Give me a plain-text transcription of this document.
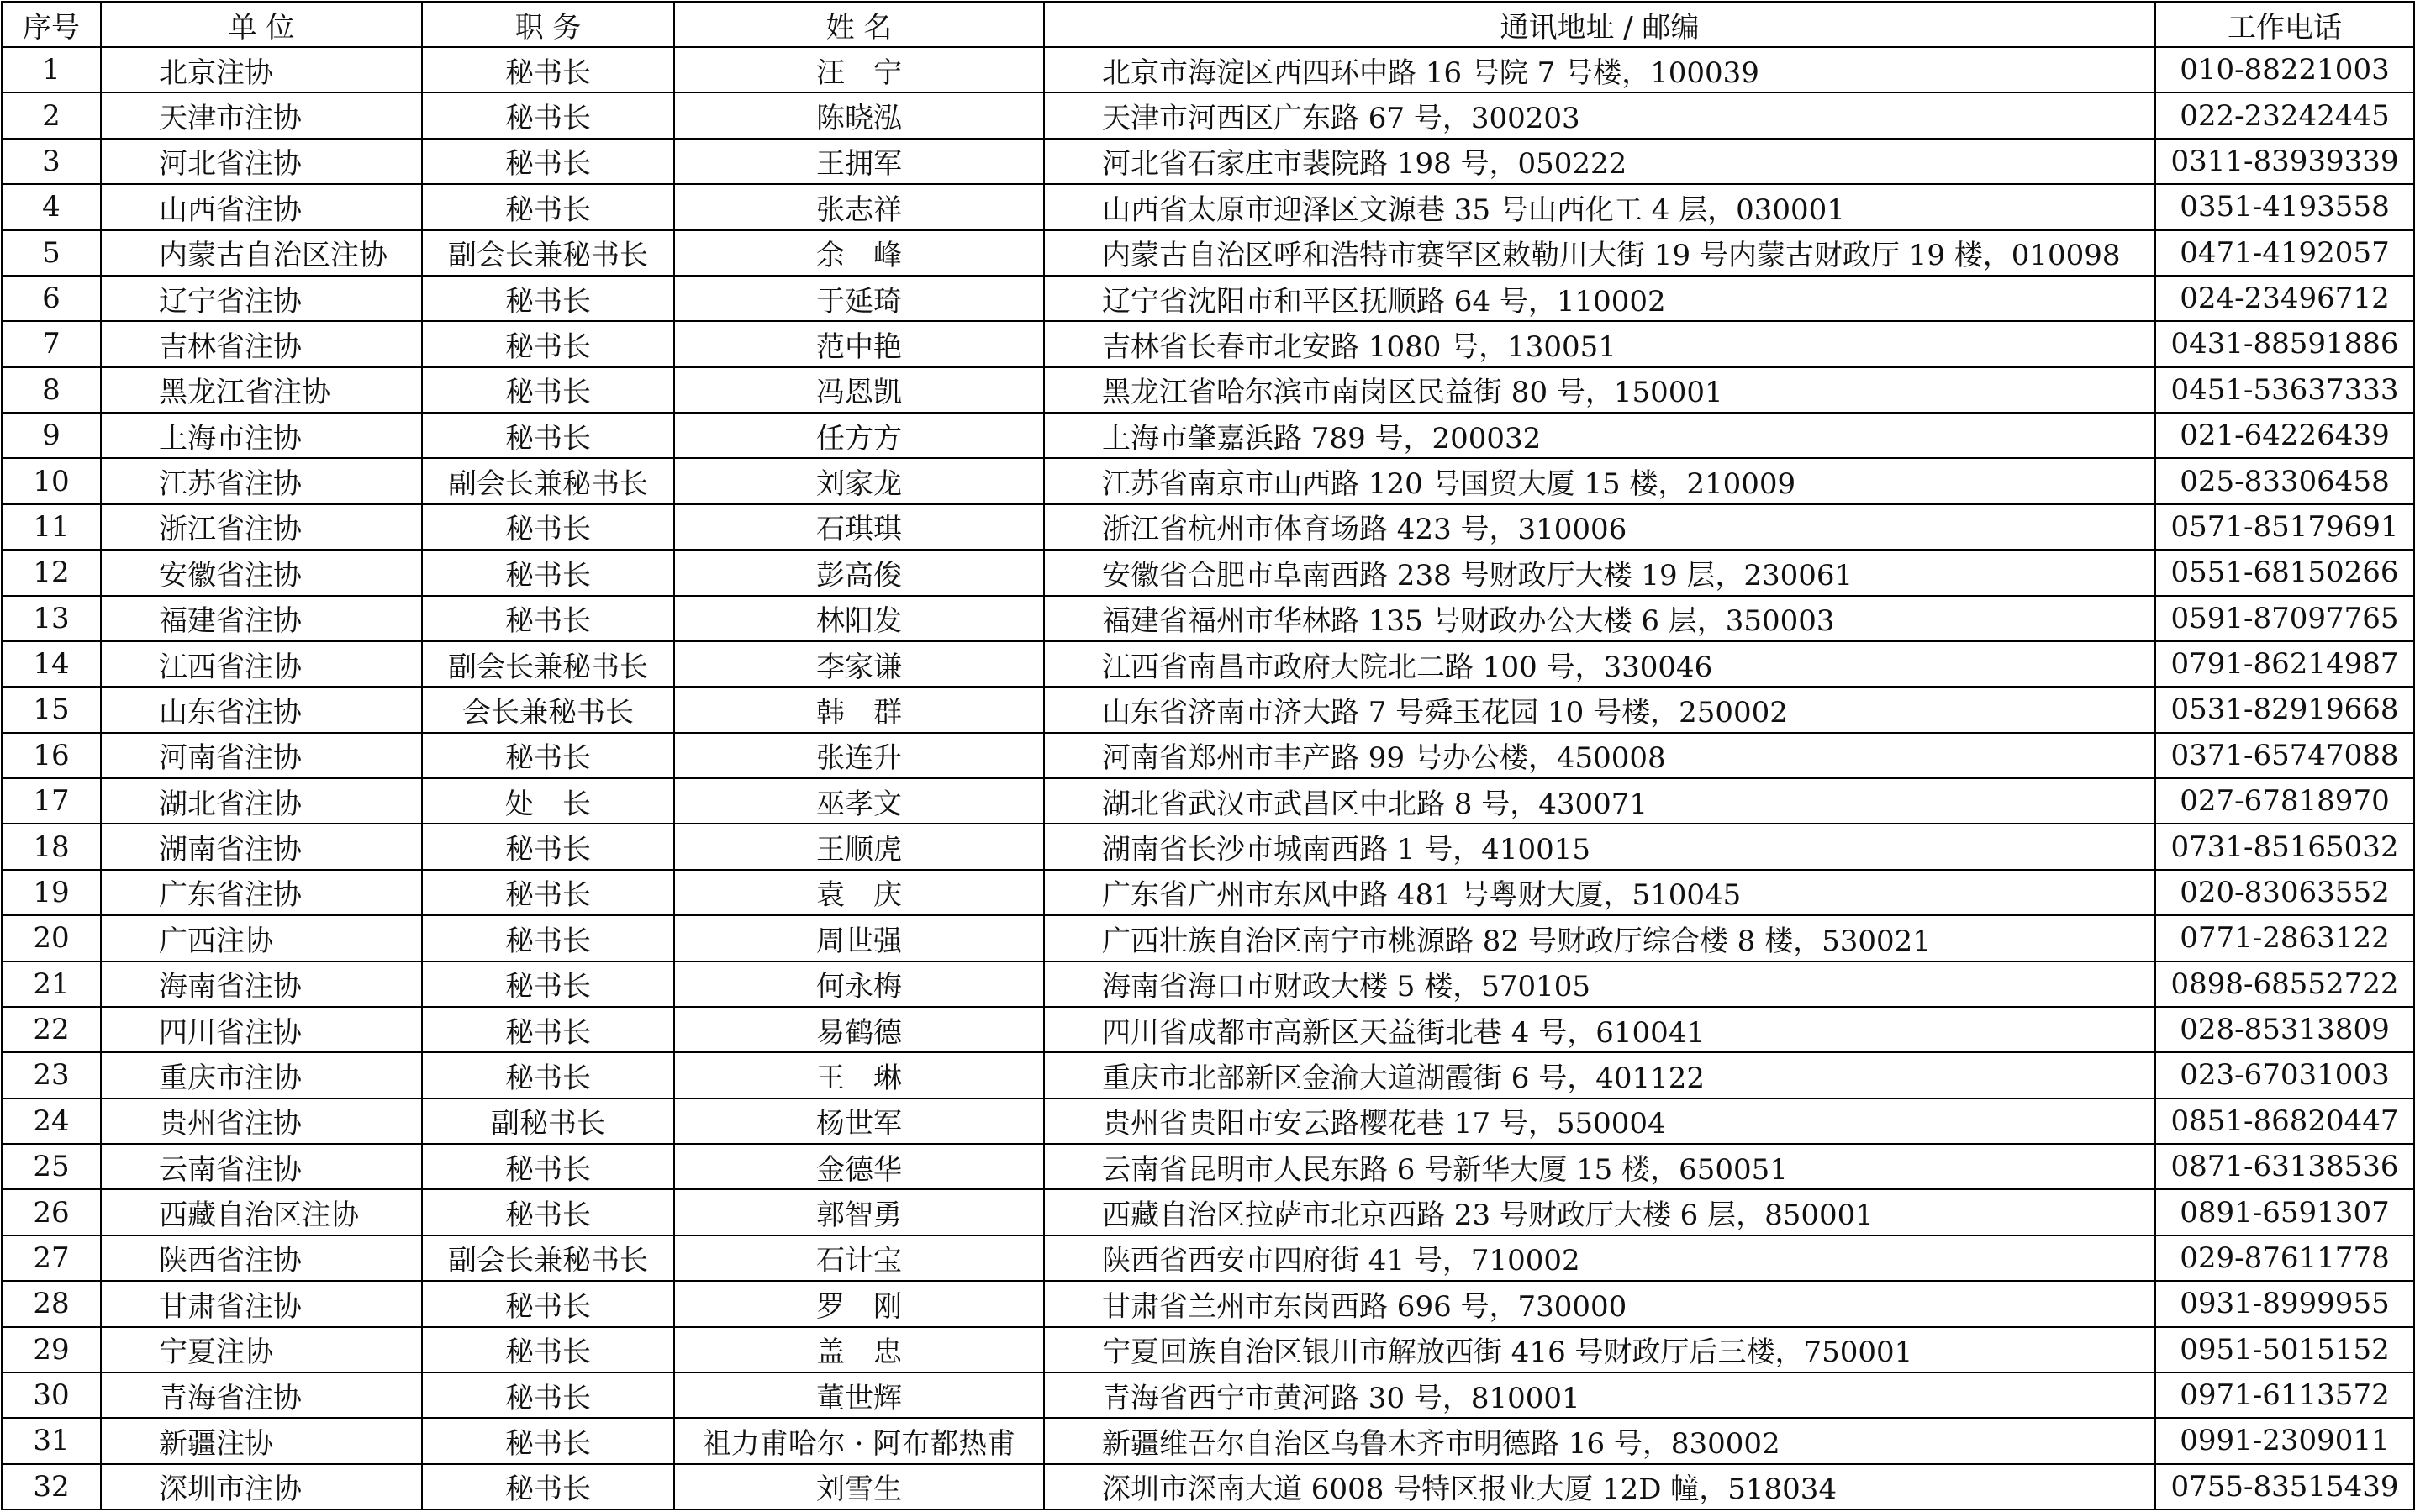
序号	单 位	职 务	姓 名	通讯地址 / 邮编	工作电话
1	北京注协	秘书长	汪　宁	北京市海淀区西四环中路 16 号院 7 号楼，100039	010-88221003
2	天津市注协	秘书长	陈晓泓	天津市河西区广东路 67 号，300203	022-23242445
3	河北省注协	秘书长	王拥军	河北省石家庄市裴院路 198 号，050222	0311-83939339
4	山西省注协	秘书长	张志祥	山西省太原市迎泽区文源巷 35 号山西化工 4 层，030001	0351-4193558
5	内蒙古自治区注协	副会长兼秘书长	余　峰	内蒙古自治区呼和浩特市赛罕区敕勒川大街 19 号内蒙古财政厅 19 楼，010098	0471-4192057
6	辽宁省注协	秘书长	于延琦	辽宁省沈阳市和平区抚顺路 64 号，110002	024-23496712
7	吉林省注协	秘书长	范中艳	吉林省长春市北安路 1080 号，130051	0431-88591886
8	黑龙江省注协	秘书长	冯恩凯	黑龙江省哈尔滨市南岗区民益街 80 号，150001	0451-53637333
9	上海市注协	秘书长	任方方	上海市肇嘉浜路 789 号，200032	021-64226439
10	江苏省注协	副会长兼秘书长	刘家龙	江苏省南京市山西路 120 号国贸大厦 15 楼，210009	025-83306458
11	浙江省注协	秘书长	石琪琪	浙江省杭州市体育场路 423 号，310006	0571-85179691
12	安徽省注协	秘书长	彭高俊	安徽省合肥市阜南西路 238 号财政厅大楼 19 层，230061	0551-68150266
13	福建省注协	秘书长	林阳发	福建省福州市华林路 135 号财政办公大楼 6 层，350003	0591-87097765
14	江西省注协	副会长兼秘书长	李家谦	江西省南昌市政府大院北二路 100 号，330046	0791-86214987
15	山东省注协	会长兼秘书长	韩　群	山东省济南市济大路 7 号舜玉花园 10 号楼，250002	0531-82919668
16	河南省注协	秘书长	张连升	河南省郑州市丰产路 99 号办公楼，450008	0371-65747088
17	湖北省注协	处　长	巫孝文	湖北省武汉市武昌区中北路 8 号，430071	027-67818970
18	湖南省注协	秘书长	王顺虎	湖南省长沙市城南西路 1 号，410015	0731-85165032
19	广东省注协	秘书长	袁　庆	广东省广州市东风中路 481 号粤财大厦，510045	020-83063552
20	广西注协	秘书长	周世强	广西壮族自治区南宁市桃源路 82 号财政厅综合楼 8 楼，530021	0771-2863122
21	海南省注协	秘书长	何永梅	海南省海口市财政大楼 5 楼，570105	0898-68552722
22	四川省注协	秘书长	易鹤德	四川省成都市高新区天益街北巷 4 号，610041	028-85313809
23	重庆市注协	秘书长	王　琳	重庆市北部新区金渝大道湖霞街 6 号，401122	023-67031003
24	贵州省注协	副秘书长	杨世军	贵州省贵阳市安云路樱花巷 17 号，550004	0851-86820447
25	云南省注协	秘书长	金德华	云南省昆明市人民东路 6 号新华大厦 15 楼，650051	0871-63138536
26	西藏自治区注协	秘书长	郭智勇	西藏自治区拉萨市北京西路 23 号财政厅大楼 6 层，850001	0891-6591307
27	陕西省注协	副会长兼秘书长	石计宝	陕西省西安市四府街 41 号，710002	029-87611778
28	甘肃省注协	秘书长	罗　刚	甘肃省兰州市东岗西路 696 号，730000	0931-8999955
29	宁夏注协	秘书长	盖　忠	宁夏回族自治区银川市解放西街 416 号财政厅后三楼，750001	0951-5015152
30	青海省注协	秘书长	董世辉	青海省西宁市黄河路 30 号，810001	0971-6113572
31	新疆注协	秘书长	祖力甫哈尔 · 阿布都热甫	新疆维吾尔自治区乌鲁木齐市明德路 16 号，830002	0991-2309011
32	深圳市注协	秘书长	刘雪生	深圳市深南大道 6008 号特区报业大厦 12D 幢，518034	0755-83515439
